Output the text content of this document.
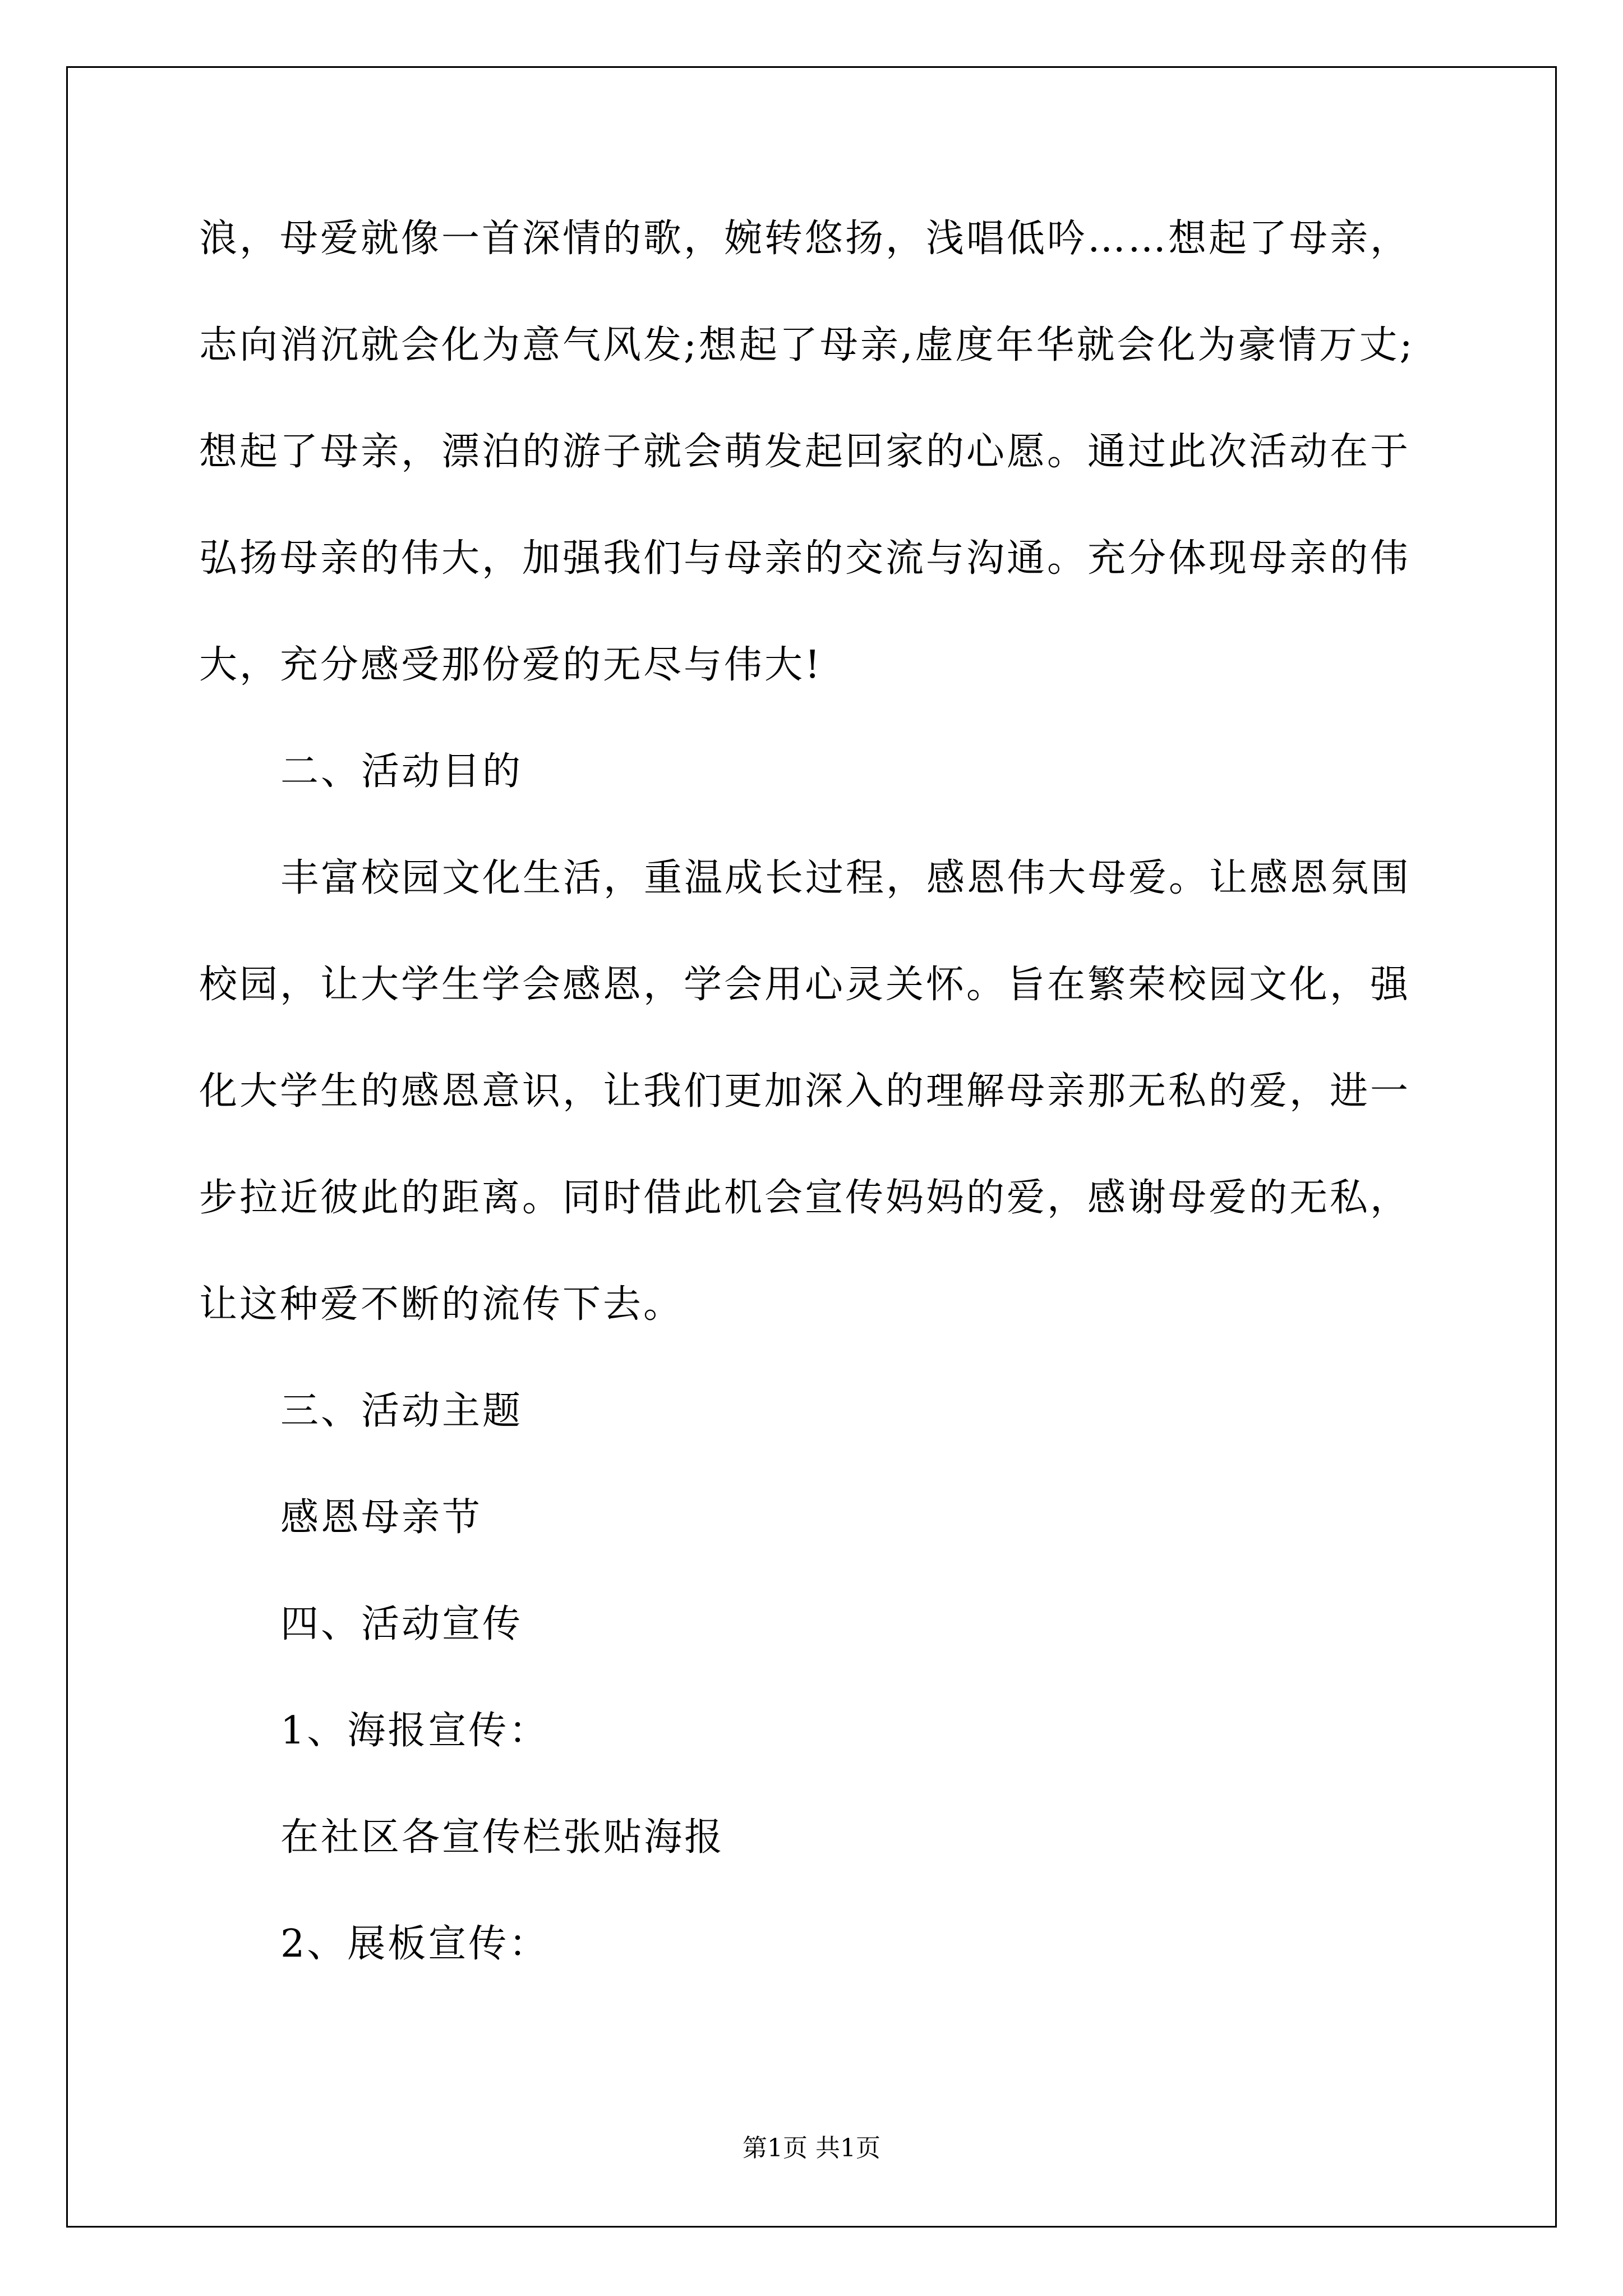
浪，母爱就像一首深情的歌，婉转悠扬，浅唱低吟……想起了母亲，
志向消沉就会化为意气风发;想起了母亲,虚度年华就会化为豪情万丈;
想起了母亲，漂泊的游子就会萌发起回家的心愿。通过此次活动在于
弘扬母亲的伟大，加强我们与母亲的交流与沟通。充分体现母亲的伟
大，充分感受那份爱的无尽与伟大!
二、活动目的
丰富校园文化生活，重温成长过程，感恩伟大母爱。让感恩氛围
校园，让大学生学会感恩，学会用心灵关怀。旨在繁荣校园文化，强
化大学生的感恩意识，让我们更加深入的理解母亲那无私的爱，进一
步拉近彼此的距离。同时借此机会宣传妈妈的爱，感谢母爱的无私，
让这种爱不断的流传下去。
三、活动主题
感恩母亲节
四、活动宣传
1、海报宣传：
在社区各宣传栏张贴海报
2、展板宣传：
第1页 共1页
